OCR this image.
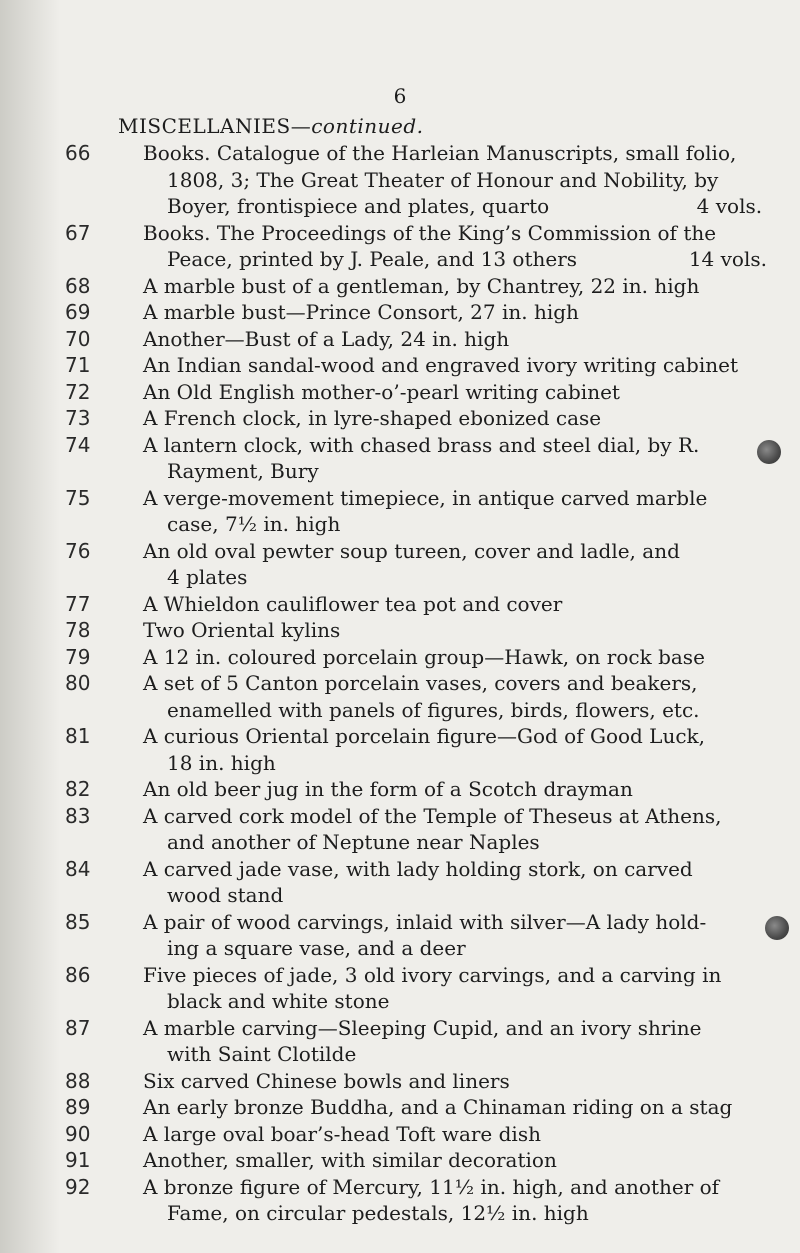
6
MISCELLANIES—continued.
66	Books. Catalogue of the Harleian Manuscripts, small folio,
1808, 3; The Great Theater of Honour and Nobility, by
Boyer, frontispiece and plates, quarto	4 vols.
67	Books. The Proceedings of the King’s Commission of the
Peace, printed by J. Peale, and 13 others	14 vols.
68	A marble bust of a gentleman, by Chantrey, 22 in. high
69	A marble bust—Prince Consort, 27 in. high
70	Another—Bust of a Lady, 24 in. high
71	An Indian sandal-wood and engraved ivory writing cabinet
72	An Old English mother-o’-pearl writing cabinet
73	A French clock, in lyre-shaped ebonized case
74	A lantern clock, with chased brass and steel dial, by R.
Rayment, Bury
75	A verge-movement timepiece, in antique carved marble
case, 7½ in. high
76	An old oval pewter soup tureen, cover and ladle, and
4 plates
77	A Whieldon cauliflower tea pot and cover
78	Two Oriental kylins
79	A 12 in. coloured porcelain group—Hawk, on rock base
80	A set of 5 Canton porcelain vases, covers and beakers,
enamelled with panels of figures, birds, flowers, etc.
81	A curious Oriental porcelain figure—God of Good Luck,
18 in. high
82	An old beer jug in the form of a Scotch drayman
83	A carved cork model of the Temple of Theseus at Athens,
and another of Neptune near Naples
84	A carved jade vase, with lady holding stork, on carved
wood stand
85	A pair of wood carvings, inlaid with silver—A lady hold-
ing a square vase, and a deer
86	Five pieces of jade, 3 old ivory carvings, and a carving in
black and white stone
87	A marble carving—Sleeping Cupid, and an ivory shrine
with Saint Clotilde
88	Six carved Chinese bowls and liners
89	An early bronze Buddha, and a Chinaman riding on a stag
90	A large oval boar’s-head Toft ware dish
91	Another, smaller, with similar decoration
92	A bronze figure of Mercury, 11½ in. high, and another of
Fame, on circular pedestals, 12½ in. high
